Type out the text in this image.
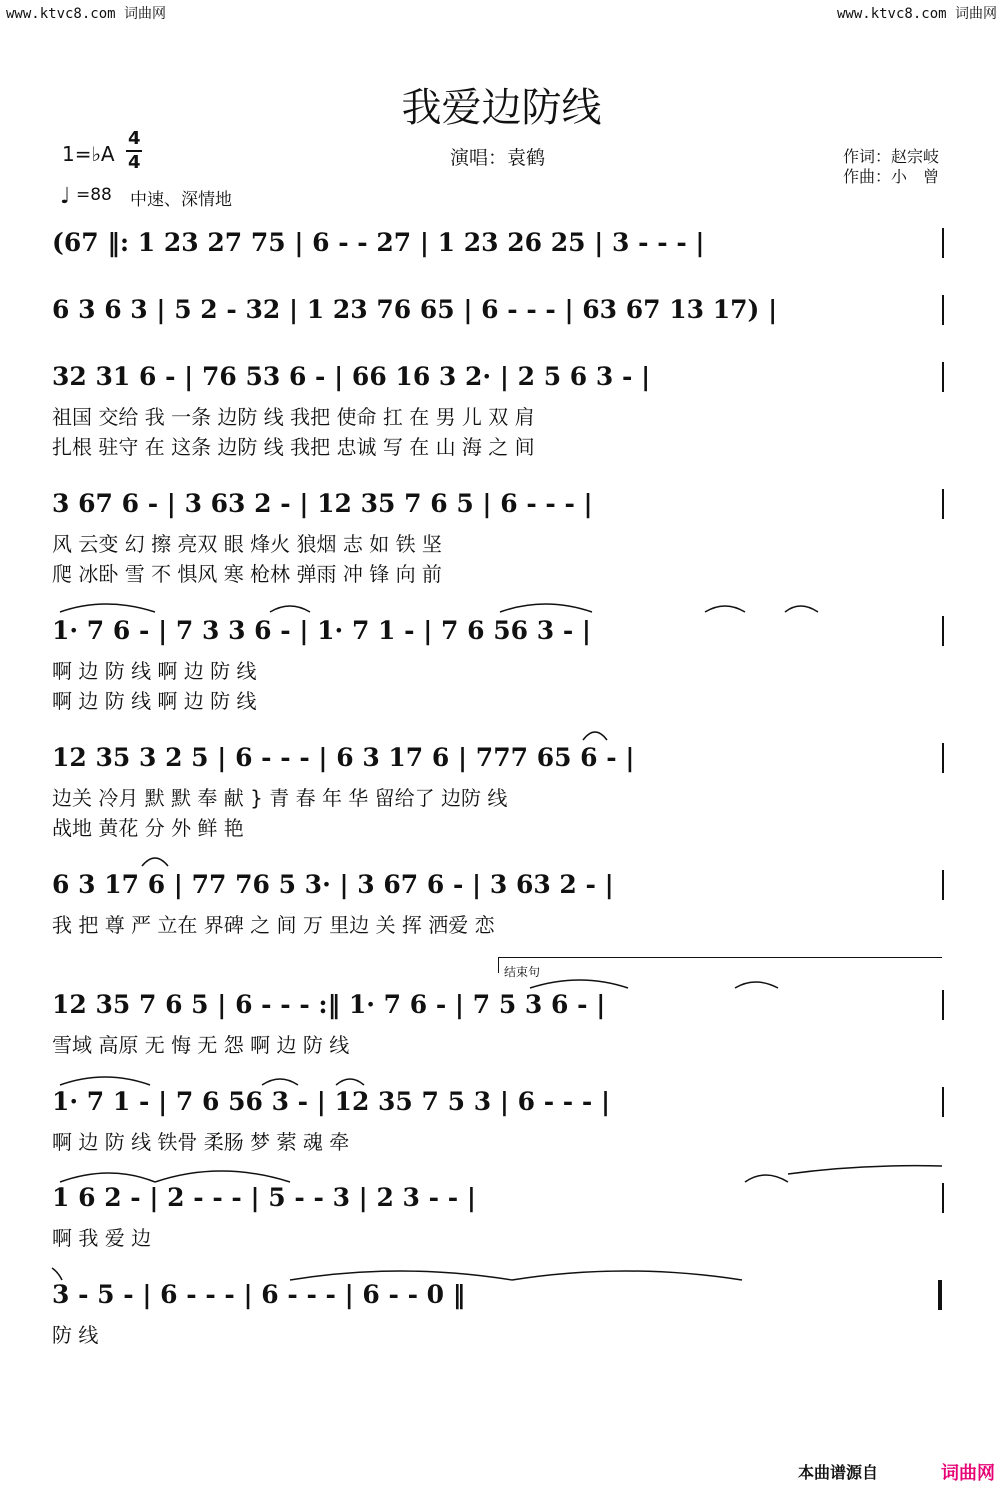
www.ktvc8.com 词曲网	www.ktvc8.com 词曲网
我爱边防线
1=♭A
4
4
♩ =88 中速、深情地
演唱：袁鹤	作词：赵宗岐
作曲：小　曾
(67 ‖: 1 23 27 75 | 6 - - 27 | 1 23 26 25 | 3 - - - |
6 3 6 3 | 5 2 - 32 | 1 23 76 65 | 6 - - - | 63 67 13 17) |
32 31 6 - | 76 53 6 - | 66 16 3 2· | 2 5 6 3 - |
祖国 交给 我 一条 边防 线 我把 使命 扛 在 男 儿 双 肩
扎根 驻守 在 这条 边防 线 我把 忠诚 写 在 山 海 之 间
3 67 6 - | 3 63 2 - | 12 35 7 6 5 | 6 - - - |
风 云变 幻 擦 亮双 眼 烽火 狼烟 志 如 铁 坚
爬 冰卧 雪 不 惧风 寒 枪林 弹雨 冲 锋 向 前
1· 7 6 - | 7 3 3 6 - | 1· 7 1 - | 7 6 56 3 - |
啊 边 防 线 啊 边 防 线
啊 边 防 线 啊 边 防 线
12 35 3 2 5 | 6 - - - | 6 3 17 6 | 777 65 6 - |
边关 冷月 默 默 奉 献 } 青 春 年 华 留给了 边防 线
战地 黄花 分 外 鲜 艳
6 3 17 6 | 77 76 5 3· | 3 67 6 - | 3 63 2 - |
我 把 尊 严 立在 界碑 之 间 万 里边 关 挥 洒爱 恋
结束句
12 35 7 6 5 | 6 - - - :‖ 1· 7 6 - | 7 5 3 6 - |
雪域 高原 无 悔 无 怨 啊 边 防 线
1· 7 1 - | 7 6 56 3 - | 12 35 7 5 3 | 6 - - - |
啊 边 防 线 铁骨 柔肠 梦 萦 魂 牵
1 6 2 - | 2 - - - | 5 - - 3 | 2 3 - - |
啊 我 爱 边
3 - 5 - | 6 - - - | 6 - - - | 6 - - 0 ‖
防 线
本曲谱源自	词曲网
